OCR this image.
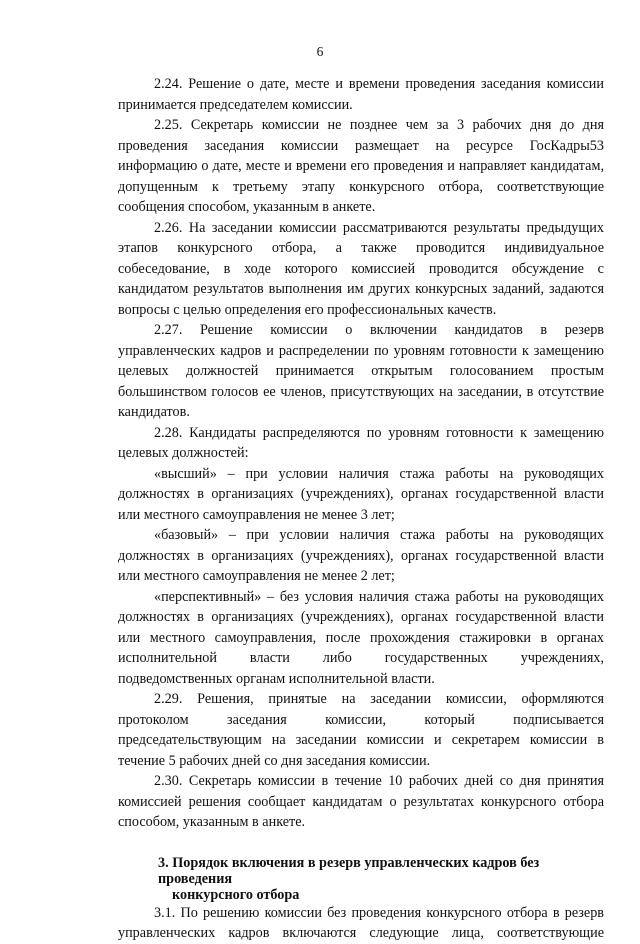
6

2.24. Решение о дате, месте и времени проведения заседания комиссии принимается председателем комиссии.

2.25. Секретарь комиссии не позднее чем за 3 рабочих дня до дня проведения заседания комиссии размещает на ресурсе ГосКадры53 информацию о дате, месте и времени его проведения и направляет кандидатам, допущенным к третьему этапу конкурсного отбора, соответствующие сообщения способом, указанным в анкете.

2.26. На заседании комиссии рассматриваются результаты предыдущих этапов конкурсного отбора, а также проводится индивидуальное собеседование, в ходе которого комиссией проводится обсуждение с кандидатом результатов выполнения им других конкурсных заданий, задаются вопросы с целью определения его профессиональных качеств.

2.27. Решение комиссии о включении кандидатов в резерв управленческих кадров и распределении по уровням готовности к замещению целевых должностей принимается открытым голосованием простым большинством голосов ее членов, присутствующих на заседании, в отсутствие кандидатов.

2.28. Кандидаты распределяются по уровням готовности к замещению целевых должностей:

«высший» – при условии наличия стажа работы на руководящих должностях в организациях (учреждениях), органах государственной власти или местного самоуправления не менее 3 лет;

«базовый» – при условии наличия стажа работы на руководящих должностях в организациях (учреждениях), органах государственной власти или местного самоуправления не менее 2 лет;

«перспективный» – без условия наличия стажа работы на руководящих должностях в организациях (учреждениях), органах государственной власти или местного самоуправления, после прохождения стажировки в органах исполнительной власти либо государственных учреждениях, подведомственных органам исполнительной власти.

2.29. Решения, принятые на заседании комиссии, оформляются протоколом заседания комиссии, который подписывается председательствующим на заседании комиссии и секретарем комиссии в течение 5 рабочих дней со дня заседания комиссии.

2.30. Секретарь комиссии в течение 10 рабочих дней со дня принятия комиссией решения сообщает кандидатам о результатах конкурсного отбора способом, указанным в анкете.

3. Порядок включения в резерв управленческих кадров без проведения
конкурсного отбора

3.1. По решению комиссии без проведения конкурсного отбора в резерв управленческих кадров включаются следующие лица, соответствующие
